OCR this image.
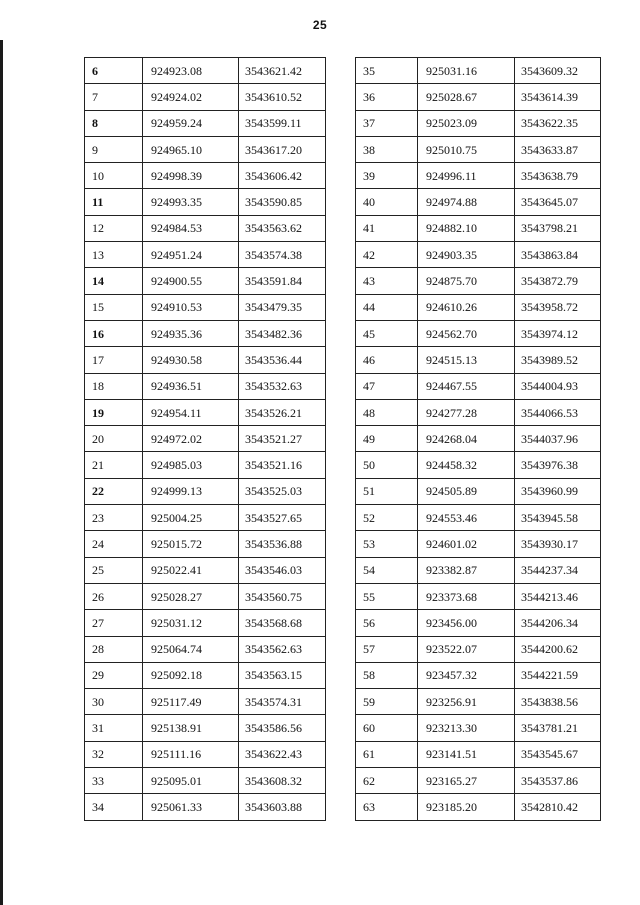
25
6	924923.08	3543621.42
7	924924.02	3543610.52
8	924959.24	3543599.11
9	924965.10	3543617.20
10	924998.39	3543606.42
11	924993.35	3543590.85
12	924984.53	3543563.62
13	924951.24	3543574.38
14	924900.55	3543591.84
15	924910.53	3543479.35
16	924935.36	3543482.36
17	924930.58	3543536.44
18	924936.51	3543532.63
19	924954.11	3543526.21
20	924972.02	3543521.27
21	924985.03	3543521.16
22	924999.13	3543525.03
23	925004.25	3543527.65
24	925015.72	3543536.88
25	925022.41	3543546.03
26	925028.27	3543560.75
27	925031.12	3543568.68
28	925064.74	3543562.63
29	925092.18	3543563.15
30	925117.49	3543574.31
31	925138.91	3543586.56
32	925111.16	3543622.43
33	925095.01	3543608.32
34	925061.33	3543603.88
35	925031.16	3543609.32
36	925028.67	3543614.39
37	925023.09	3543622.35
38	925010.75	3543633.87
39	924996.11	3543638.79
40	924974.88	3543645.07
41	924882.10	3543798.21
42	924903.35	3543863.84
43	924875.70	3543872.79
44	924610.26	3543958.72
45	924562.70	3543974.12
46	924515.13	3543989.52
47	924467.55	3544004.93
48	924277.28	3544066.53
49	924268.04	3544037.96
50	924458.32	3543976.38
51	924505.89	3543960.99
52	924553.46	3543945.58
53	924601.02	3543930.17
54	923382.87	3544237.34
55	923373.68	3544213.46
56	923456.00	3544206.34
57	923522.07	3544200.62
58	923457.32	3544221.59
59	923256.91	3543838.56
60	923213.30	3543781.21
61	923141.51	3543545.67
62	923165.27	3543537.86
63	923185.20	3542810.42
